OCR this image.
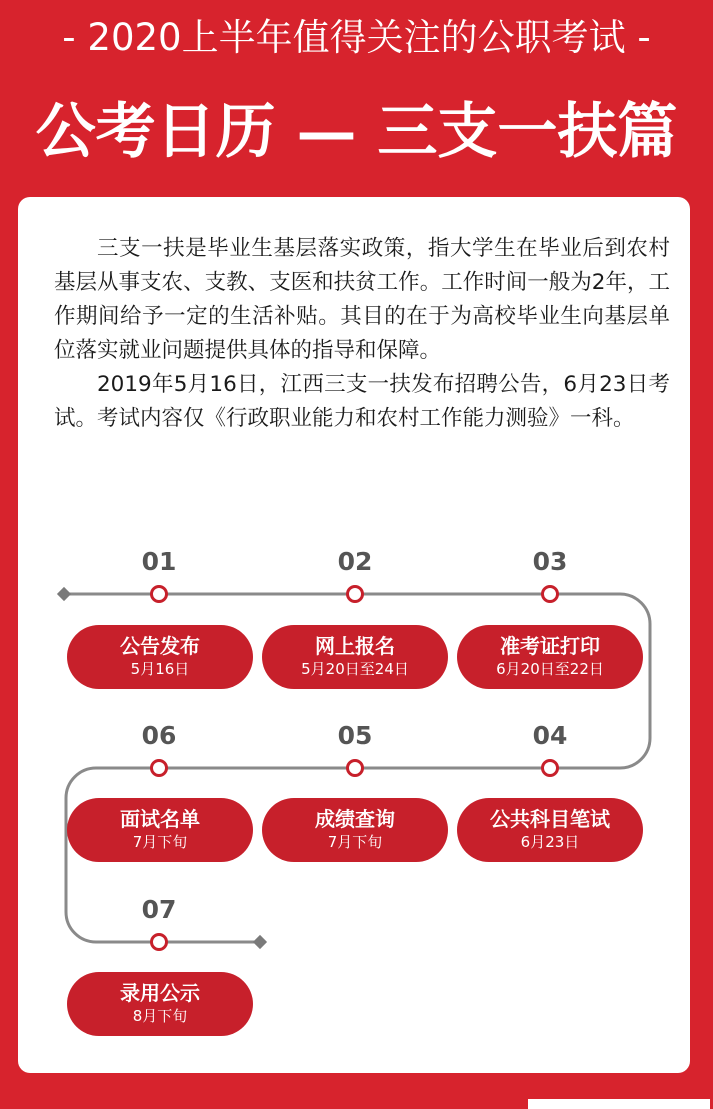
- 2020上半年值得关注的公职考试 -
公考日历 — 三支一扶篇

三支一扶是毕业生基层落实政策，指大学生在毕业后到农村基层从事支农、支教、支医和扶贫工作。工作时间一般为2年，工作期间给予一定的生活补贴。其目的在于为高校毕业生向基层单位落实就业问题提供具体的指导和保障。

2019年5月16日，江西三支一扶发布招聘公告，6月23日考试。考试内容仅《行政职业能力和农村工作能力测验》一科。

01
公告发布
5月16日
02
网上报名
5月20日至24日
03
准考证打印
6月20日至22日
04
公共科目笔试
6月23日
05
成绩查询
7月下旬
06
面试名单
7月下旬
07
录用公示
8月下旬
